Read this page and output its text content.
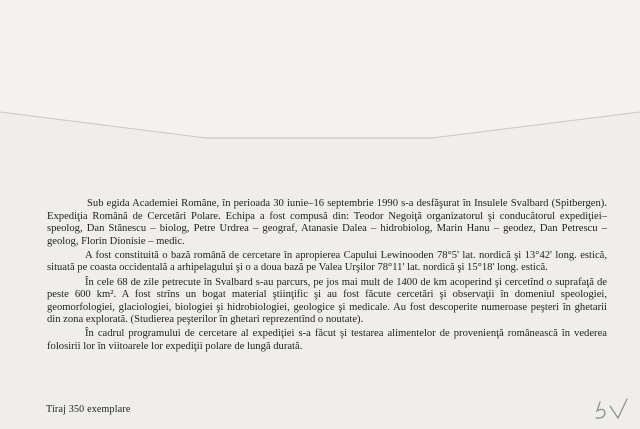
Sub egida Academiei Române, în perioada 30 iunie–16 septembrie 1990 s-a desfăşurat în Insulele Svalbard (Spitbergen). Expediţia Română de Cercetări Polare. Echipa a fost compusă din: Teodor Negoiţă organizatorul şi conducătorul expediţiei–speolog, Dan Stănescu – biolog, Petre Urdrea – geograf, Atanasie Dalea – hidrobiolog, Marin Hanu – geodez, Dan Petrescu – geolog, Florin Dionisie – medic.

A fost constituită o bază română de cercetare în apropierea Capului Lewinooden 78°5' lat. nordică şi 13°42' long. estică, situată pe coasta occidentală a arhipelagului şi o a doua bază pe Valea Urşilor 78°11' lat. nordică şi 15°18' long. estică.

În cele 68 de zile petrecute în Svalbard s-au parcurs, pe jos mai mult de 1400 de km acoperind şi cercetînd o suprafaţă de peste 600 km². A fost strîns un bogat material ştiinţific şi au fost făcute cercetări şi observaţii în domeniul speologiei, geomorfologiei, glaciologiei, biologiei şi hidrobiologiei, geologice şi medicale. Au fost descoperite numeroase peşteri în ghetarii din zona explorată. (Studierea peşterilor în ghetari reprezentînd o noutate).

În cadrul programului de cercetare al expediţiei s-a făcut şi testarea alimentelor de provenienţă românească în vederea folosirii lor în viitoarele lor expediţii polare de lungă durată.

Tiraj 350 exemplare
